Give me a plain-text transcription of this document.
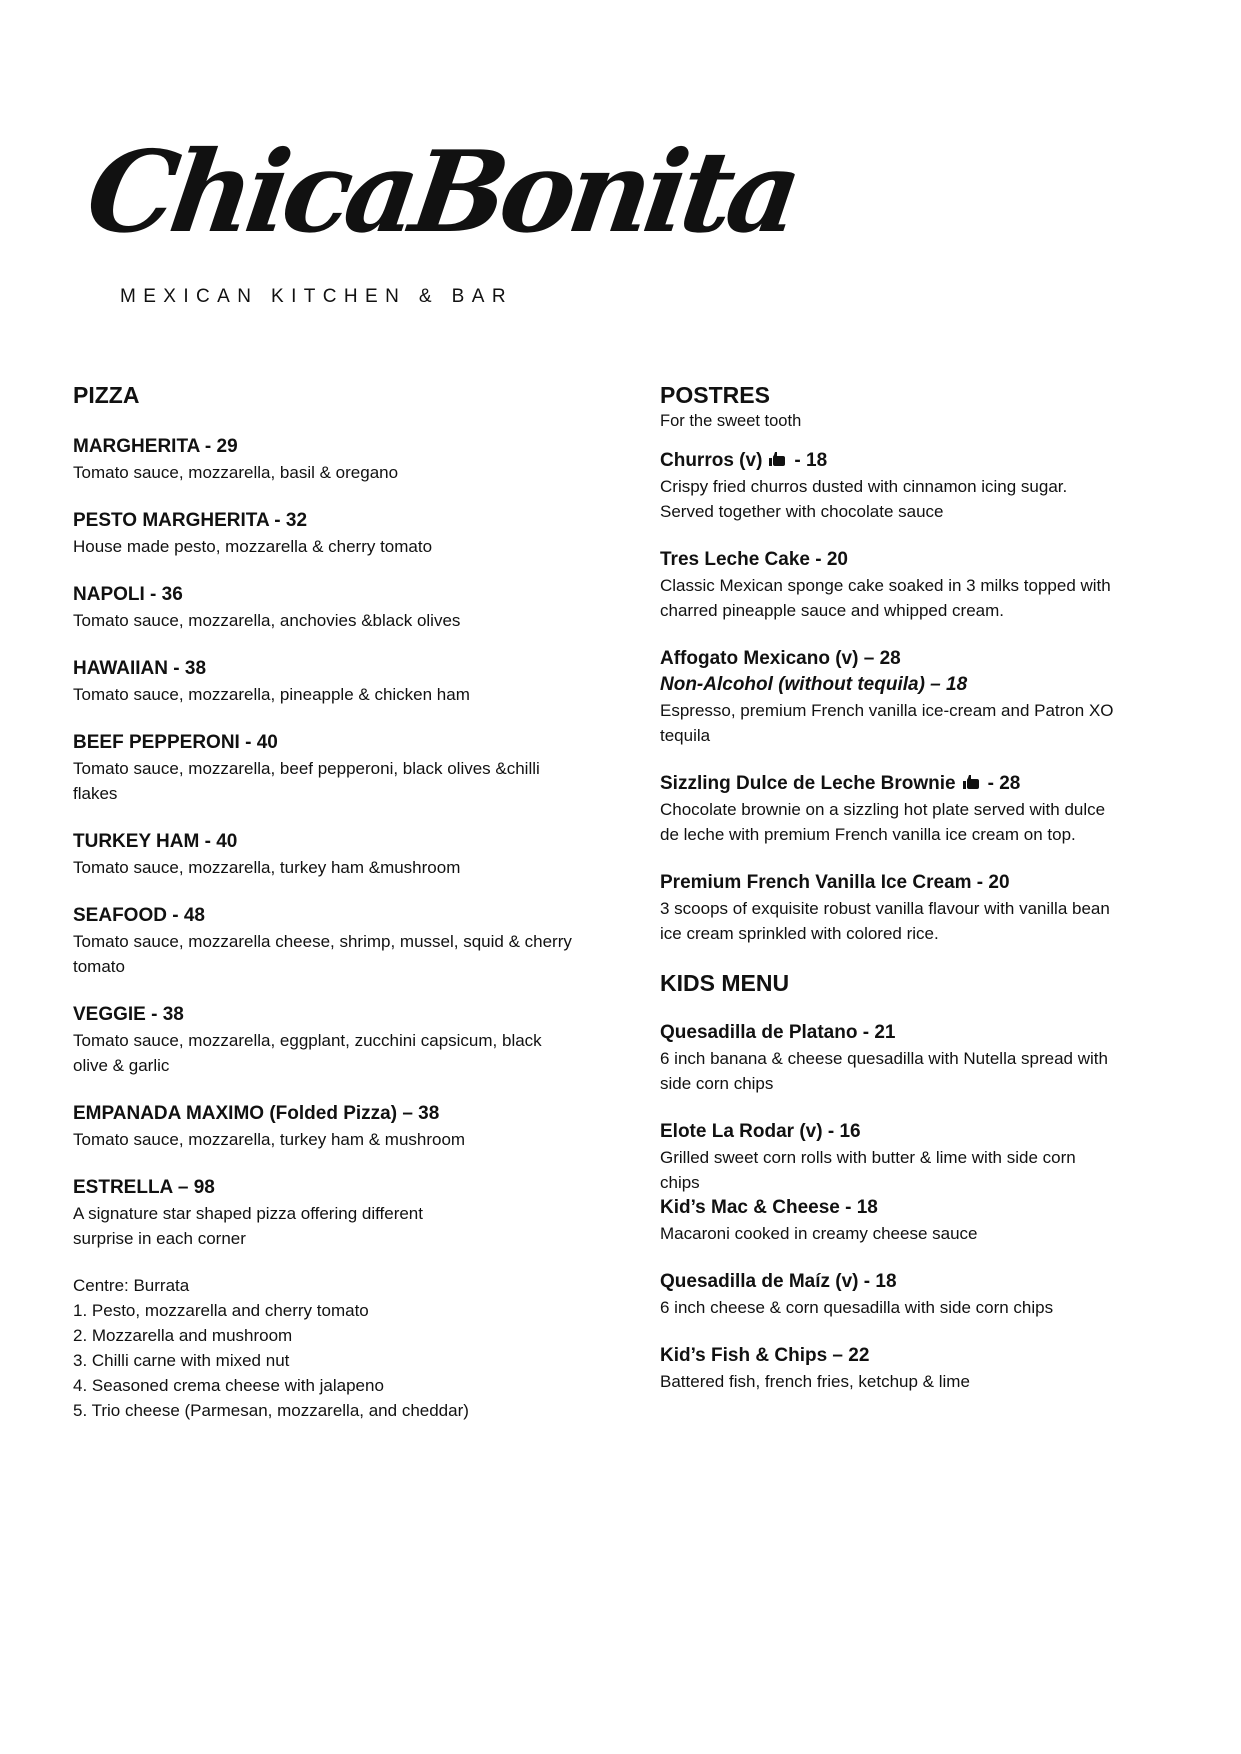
ChicaBonita
MEXICAN KITCHEN & BAR
PIZZA

MARGHERITA - 29

Tomato sauce, mozzarella, basil & oregano

PESTO MARGHERITA - 32

House made pesto, mozzarella & cherry tomato

NAPOLI - 36

Tomato sauce, mozzarella, anchovies &black olives

HAWAIIAN - 38

Tomato sauce, mozzarella, pineapple & chicken ham

BEEF PEPPERONI - 40

Tomato sauce, mozzarella, beef pepperoni, black olives &chilli flakes

TURKEY HAM - 40

Tomato sauce, mozzarella, turkey ham &mushroom

SEAFOOD - 48

Tomato sauce, mozzarella cheese, shrimp, mussel, squid & cherry tomato

VEGGIE - 38

Tomato sauce, mozzarella, eggplant, zucchini capsicum, black olive & garlic

EMPANADA MAXIMO (Folded Pizza) – 38

Tomato sauce, mozzarella, turkey ham & mushroom

ESTRELLA – 98

A signature star shaped pizza offering different

surprise in each corner

Centre: Burrata
1. Pesto, mozzarella and cherry tomato
2. Mozzarella and mushroom
3. Chilli carne with mixed nut
4. Seasoned crema cheese with jalapeno
5. Trio cheese (Parmesan, mozzarella, and cheddar)
POSTRES

For the sweet tooth

Churros (v) - 18

Crispy fried churros dusted with cinnamon icing sugar.

Served together with chocolate sauce

Tres Leche Cake - 20

Classic Mexican sponge cake soaked in 3 milks topped with

charred pineapple sauce and whipped cream.

Affogato Mexicano (v) – 28

Non-Alcohol (without tequila) – 18

Espresso, premium French vanilla ice-cream and Patron XO

tequila

Sizzling Dulce de Leche Brownie - 28

Chocolate brownie on a sizzling hot plate served with dulce

de leche with premium French vanilla ice cream on top.

Premium French Vanilla Ice Cream - 20

3 scoops of exquisite robust vanilla flavour with vanilla bean

ice cream sprinkled with colored rice.

KIDS MENU

Quesadilla de Platano - 21

6 inch banana & cheese quesadilla with Nutella spread with

side corn chips

Elote La Rodar (v) - 16

Grilled sweet corn rolls with butter & lime with side corn

chips

Kid’s Mac & Cheese - 18

Macaroni cooked in creamy cheese sauce

Quesadilla de Maíz (v) - 18

6 inch cheese & corn quesadilla with side corn chips

Kid’s Fish & Chips – 22

Battered fish, french fries, ketchup & lime
